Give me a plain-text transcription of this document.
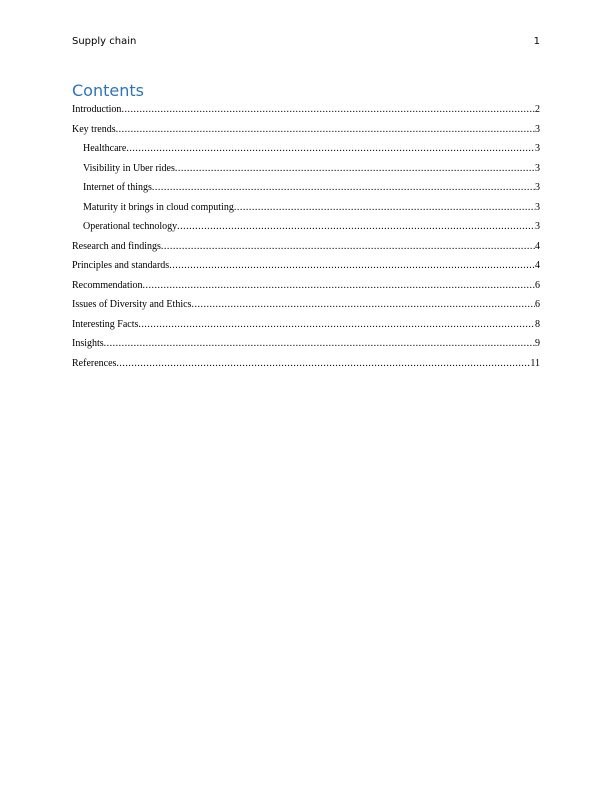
Supply chain	1
Contents
Introduction .....	2
Key trends .....	3
Healthcare .....	3
Visibility in Uber rides .....	3
Internet of things .....	3
Maturity it brings in cloud computing .....	3
Operational technology .....	3
Research and findings .....	4
Principles and standards .....	4
Recommendation .....	6
Issues of Diversity and Ethics .....	6
Interesting Facts .....	8
Insights .....	9
References .....	11
